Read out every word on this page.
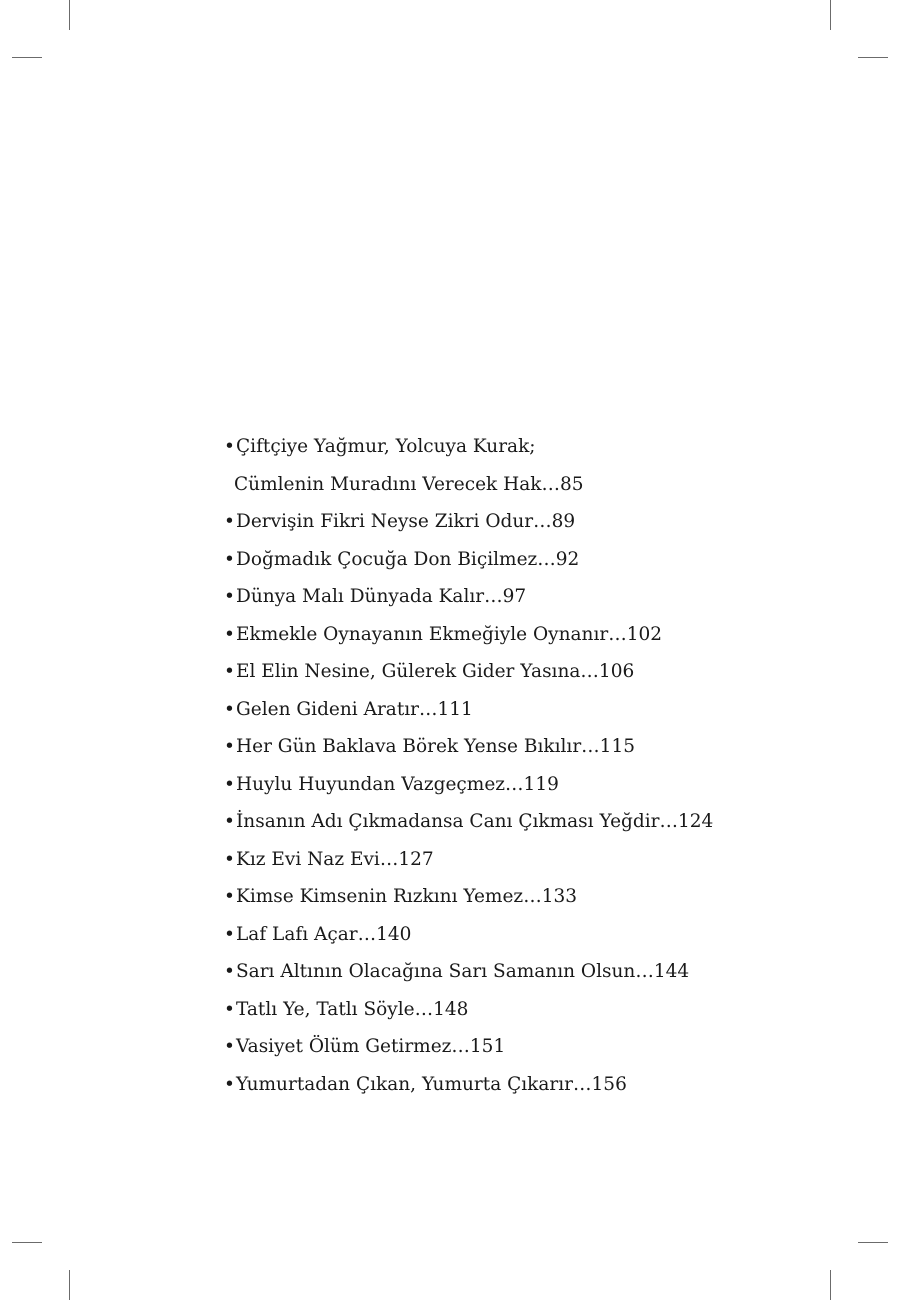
• Çiftçiye Yağmur, Yolcuya Kurak;
Cümlenin Muradını Verecek Hak … 85
• Dervişin Fikri Neyse Zikri Odur … 89
• Doğmadık Çocuğa Don Biçilmez … 92
• Dünya Malı Dünyada Kalır … 97
• Ekmekle Oynayanın Ekmeğiyle Oynanır … 102
• El Elin Nesine, Gülerek Gider Yasına … 106
• Gelen Gideni Aratır … 111
• Her Gün Baklava Börek Yense Bıkılır … 115
• Huylu Huyundan Vazgeçmez … 119
• İnsanın Adı Çıkmadansa Canı Çıkması Yeğdir … 124
• Kız Evi Naz Evi … 127
• Kimse Kimsenin Rızkını Yemez … 133
• Laf Lafı Açar … 140
• Sarı Altının Olacağına Sarı Samanın Olsun … 144
• Tatlı Ye, Tatlı Söyle … 148
• Vasiyet Ölüm Getirmez … 151
• Yumurtadan Çıkan, Yumurta Çıkarır … 156
